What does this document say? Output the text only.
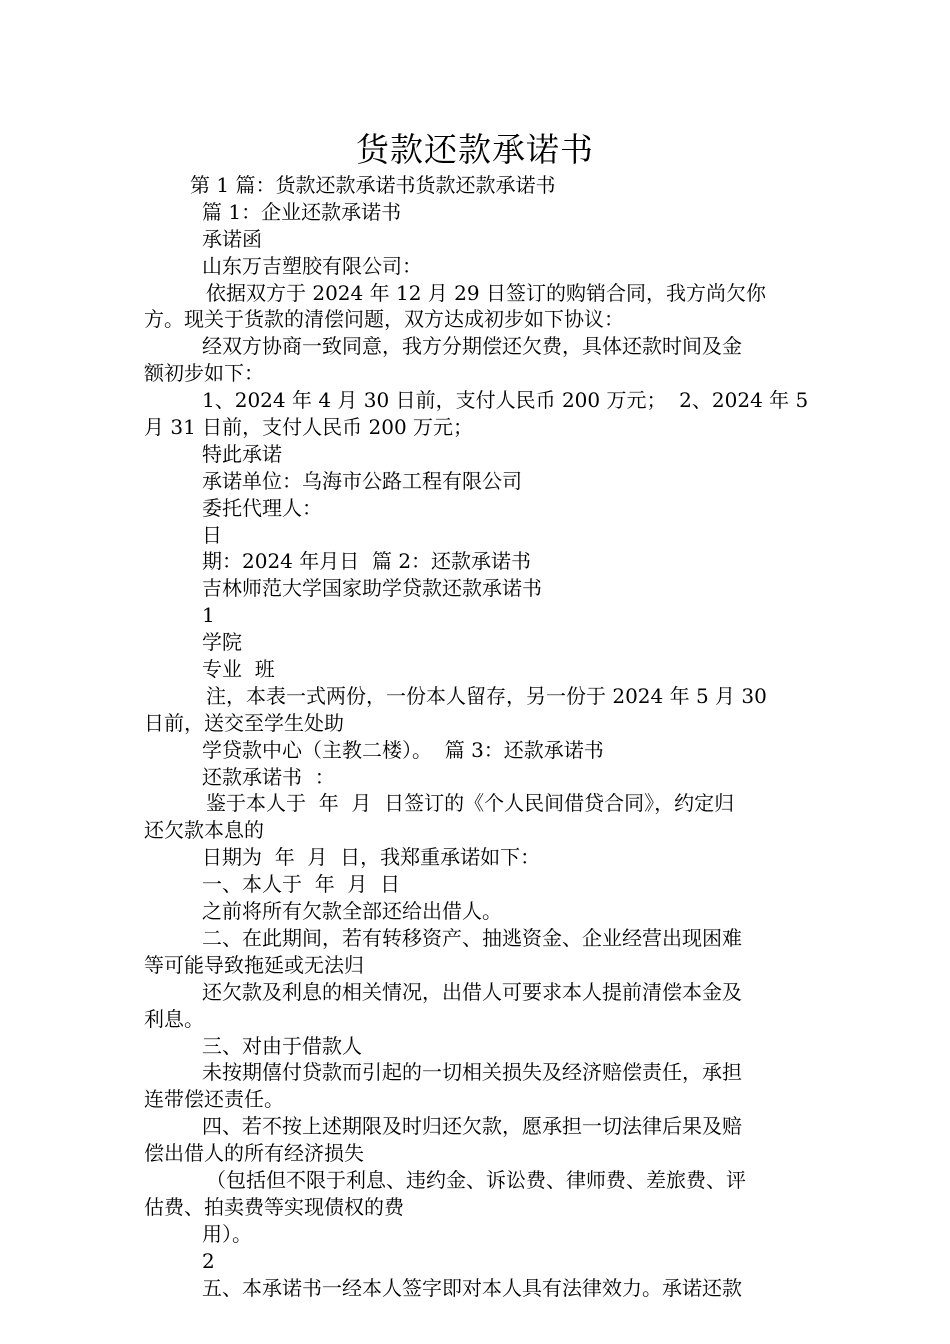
货款还款承诺书

第 1 篇：货款还款承诺书货款还款承诺书

篇 1：企业还款承诺书

承诺函

山东万吉塑胶有限公司：

依据双方于 2024 年 12 月 29 日签订的购销合同，我方尚欠你

方。现关于货款的清偿问题，双方达成初步如下协议：

经双方协商一致同意，我方分期偿还欠费，具体还款时间及金

额初步如下：

1、2024 年 4 月 30 日前，支付人民币 200 万元；  2、2024 年 5

月 31 日前，支付人民币 200 万元；

特此承诺

承诺单位：乌海市公路工程有限公司

委托代理人：

日

期：2024 年月日  篇 2：还款承诺书

吉林师范大学国家助学贷款还款承诺书

1

学院

专业  班

注，本表一式两份，一份本人留存，另一份于 2024 年 5 月 30

日前，送交至学生处助

学贷款中心（主教二楼）。  篇 3：还款承诺书

还款承诺书  ：

鉴于本人于  年  月  日签订的《个人民间借贷合同》，约定归

还欠款本息的

日期为  年  月  日，我郑重承诺如下：

一、本人于  年  月  日

之前将所有欠款全部还给出借人。

二、在此期间，若有转移资产、抽逃资金、企业经营出现困难

等可能导致拖延或无法归

还欠款及利息的相关情况，出借人可要求本人提前清偿本金及

利息。

三、对由于借款人

未按期僖付贷款而引起的一切相关损失及经济赔偿责任，承担

连带偿还责任。

四、若不按上述期限及时归还欠款，愿承担一切法律后果及赔

偿出借人的所有经济损失

（包括但不限于利息、违约金、诉讼费、律师费、差旅费、评

估费、拍卖费等实现债权的费

用）。

2

五、本承诺书一经本人签字即对本人具有法律效力。承诺还款
